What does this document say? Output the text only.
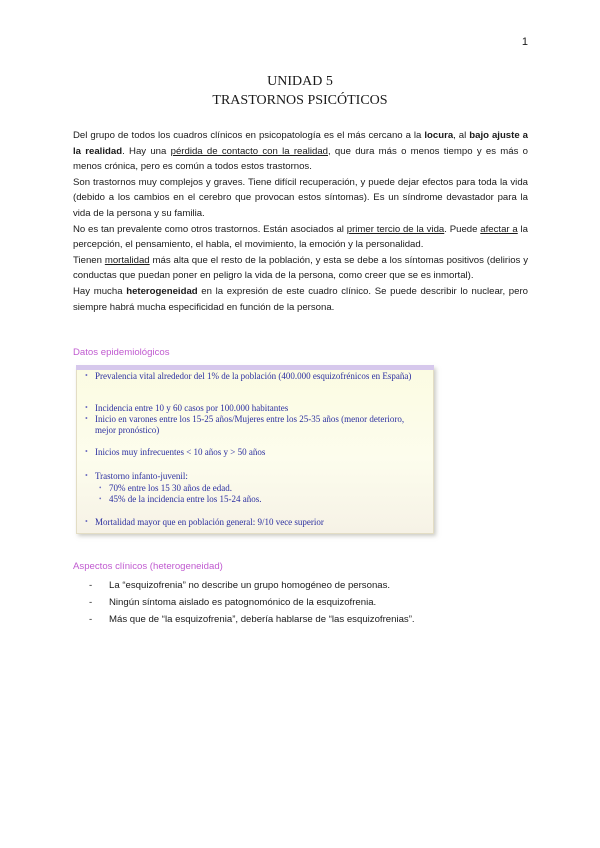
1
UNIDAD 5
TRASTORNOS PSICÓTICOS

Del grupo de todos los cuadros clínicos en psicopatología es el más cercano a la locura, al bajo ajuste a la realidad. Hay una pérdida de contacto con la realidad, que dura más o menos tiempo y es más o menos crónica, pero es común a todos estos trastornos.

Son trastornos muy complejos y graves. Tiene difícil recuperación, y puede dejar efectos para toda la vida (debido a los cambios en el cerebro que provocan estos síntomas). Es un síndrome devastador para la vida de la persona y su familia.

No es tan prevalente como otros trastornos. Están asociados al primer tercio de la vida. Puede afectar a la percepción, el pensamiento, el habla, el movimiento, la emoción y la personalidad.

Tienen mortalidad más alta que el resto de la población, y esta se debe a los síntomas positivos (delirios y conductas que puedan poner en peligro la vida de la persona, como creer que se es inmortal).

Hay mucha heterogeneidad en la expresión de este cuadro clínico. Se puede describir lo nuclear, pero siempre habrá mucha especificidad en función de la persona.

Datos epidemiológicos
• Prevalencia vital alrededor del 1% de la población (400.000 esquizofrénicos en España)
• Incidencia entre 10 y 60 casos por 100.000 habitantes
• Inicio en varones entre los 15-25 años/Mujeres entre los 25-35 años (menor deterioro, mejor pronóstico)
• Inicios muy infrecuentes < 10 años y > 50 años
• Trastorno infanto-juvenil:
• 70% entre los 15 30 años de edad.
• 45% de la incidencia entre los 15-24 años.
• Mortalidad mayor que en población general: 9/10 vece superior
Aspectos clínicos (heterogeneidad)
- La “esquizofrenia” no describe un grupo homogéneo de personas.
- Ningún síntoma aislado es patognomónico de la esquizofrenia.
- Más que de “la esquizofrenia”, debería hablarse de “las esquizofrenias”.
